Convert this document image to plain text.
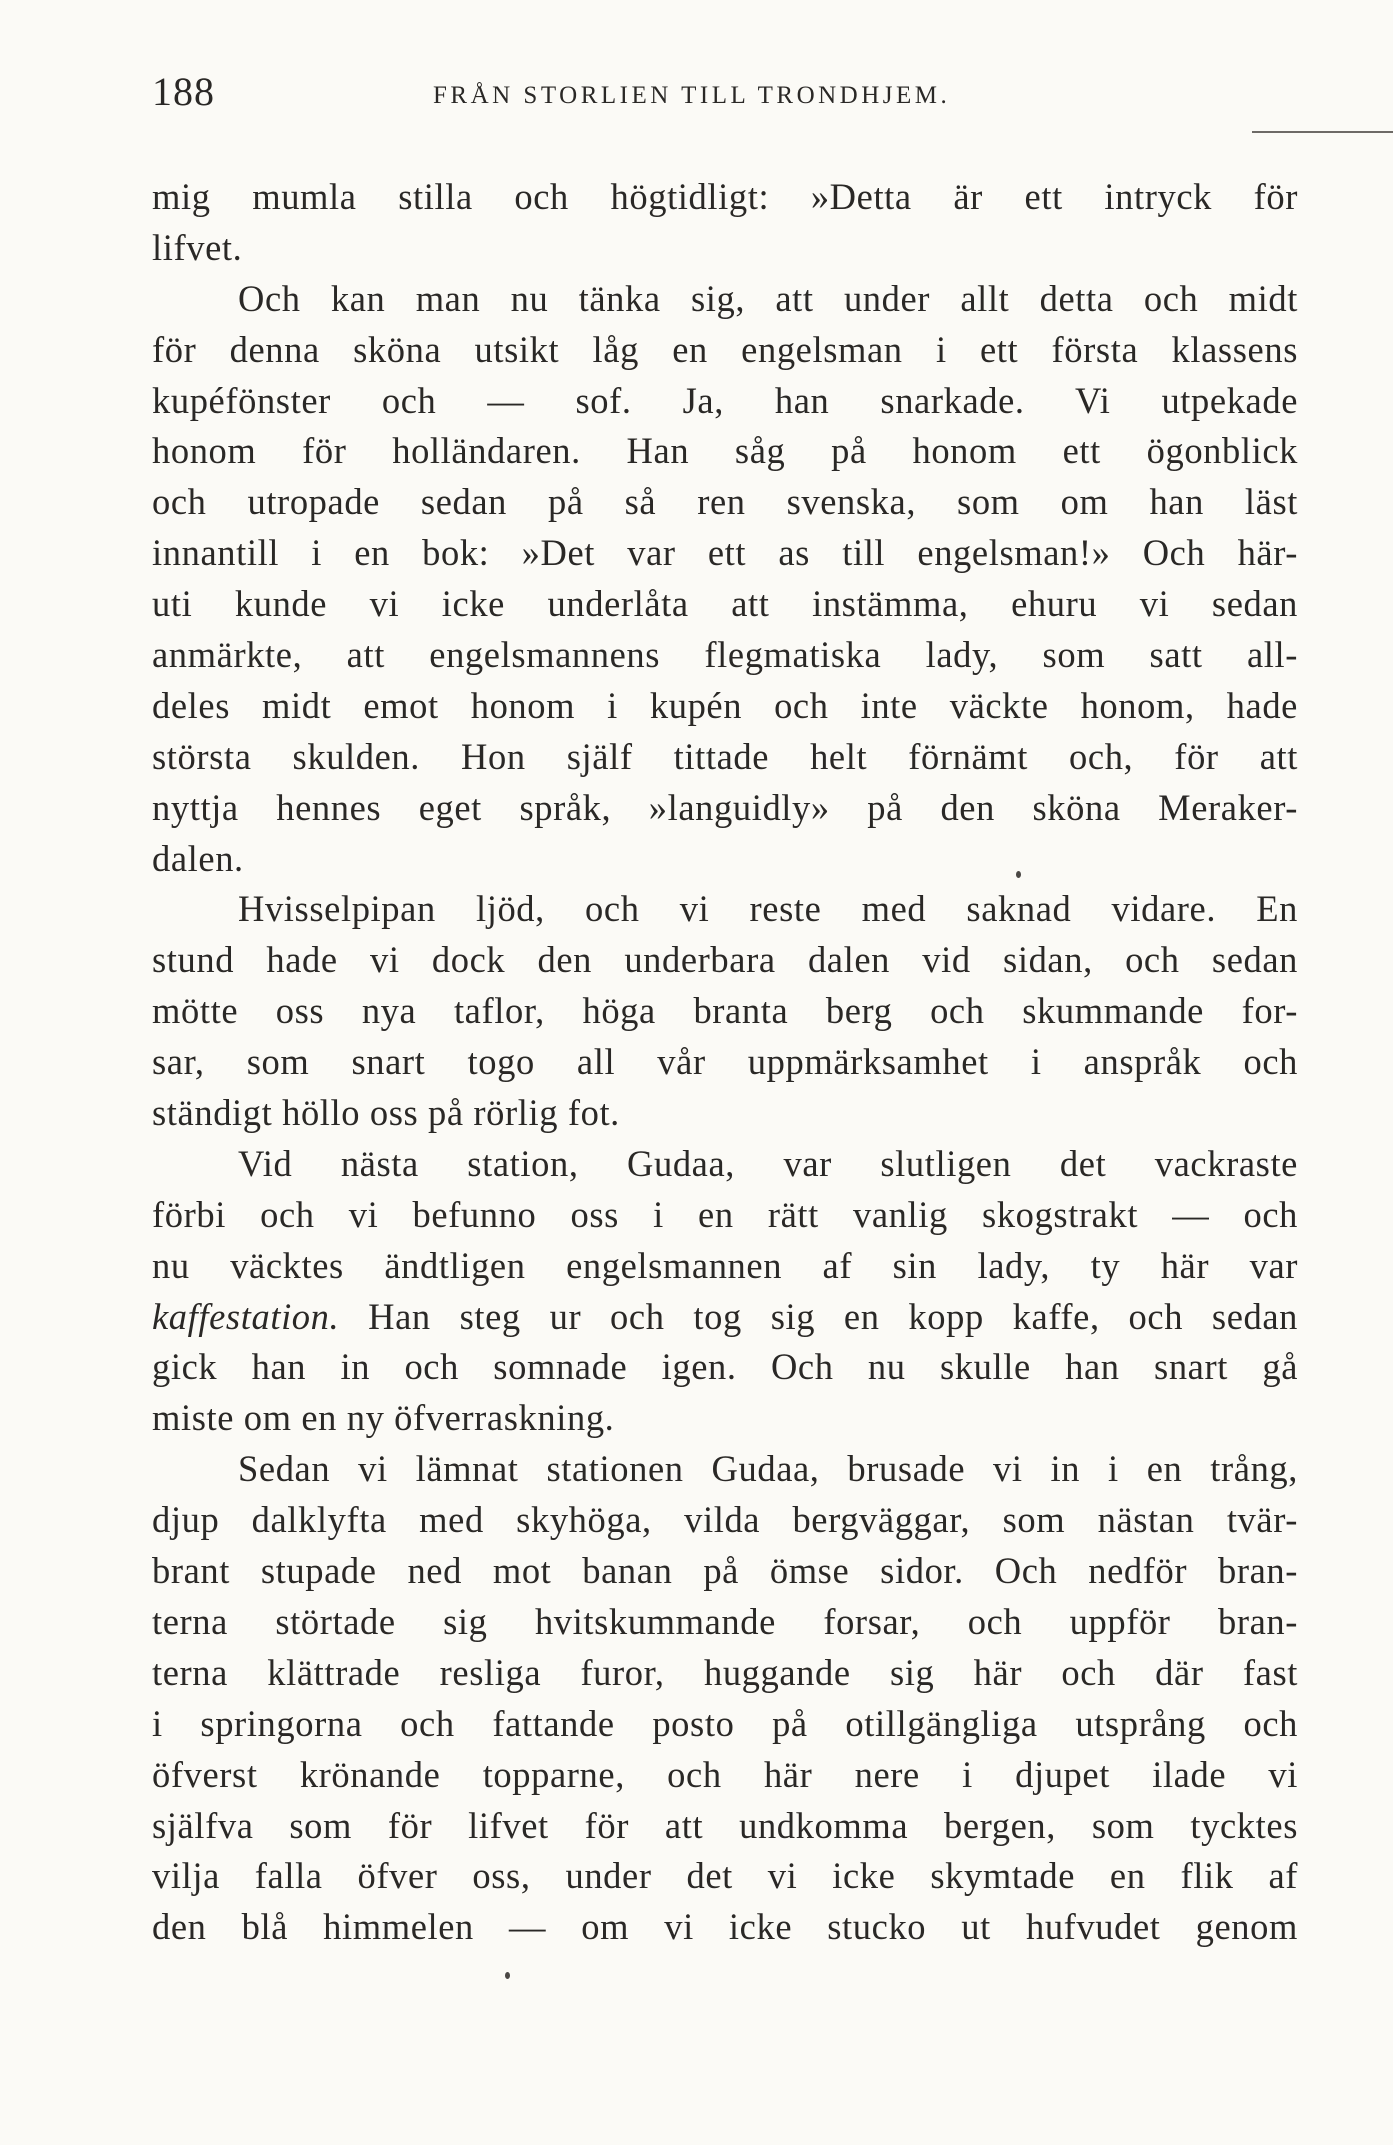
188	FRÅN STORLIEN TILL TRONDHJEM.
mig mumla stilla och högtidligt: »Detta är ett intryck för
lifvet.
Och kan man nu tänka sig, att under allt detta och midt
för denna sköna utsikt låg en engelsman i ett första klassens
kupéfönster och — sof. Ja, han snarkade. Vi utpekade
honom för holländaren. Han såg på honom ett ögonblick
och utropade sedan på så ren svenska, som om han läst
innantill i en bok: »Det var ett as till engelsman!» Och här-
uti kunde vi icke underlåta att instämma, ehuru vi sedan
anmärkte, att engelsmannens flegmatiska lady, som satt all-
deles midt emot honom i kupén och inte väckte honom, hade
största skulden. Hon själf tittade helt förnämt och, för att
nyttja hennes eget språk, »languidly» på den sköna Meraker-
dalen.
Hvisselpipan ljöd, och vi reste med saknad vidare. En
stund hade vi dock den underbara dalen vid sidan, och sedan
mötte oss nya taflor, höga branta berg och skummande for-
sar, som snart togo all vår uppmärksamhet i anspråk och
ständigt höllo oss på rörlig fot.
Vid nästa station, Gudaa, var slutligen det vackraste
förbi och vi befunno oss i en rätt vanlig skogstrakt — och
nu väcktes ändtligen engelsmannen af sin lady, ty här var
kaffestation. Han steg ur och tog sig en kopp kaffe, och sedan
gick han in och somnade igen. Och nu skulle han snart gå
miste om en ny öfverraskning.
Sedan vi lämnat stationen Gudaa, brusade vi in i en trång,
djup dalklyfta med skyhöga, vilda bergväggar, som nästan tvär-
brant stupade ned mot banan på ömse sidor. Och nedför bran-
terna störtade sig hvitskummande forsar, och uppför bran-
terna klättrade resliga furor, huggande sig här och där fast
i springorna och fattande posto på otillgängliga utsprång och
öfverst krönande topparne, och här nere i djupet ilade vi
själfva som för lifvet för att undkomma bergen, som tycktes
vilja falla öfver oss, under det vi icke skymtade en flik af
den blå himmelen — om vi icke stucko ut hufvudet genom
